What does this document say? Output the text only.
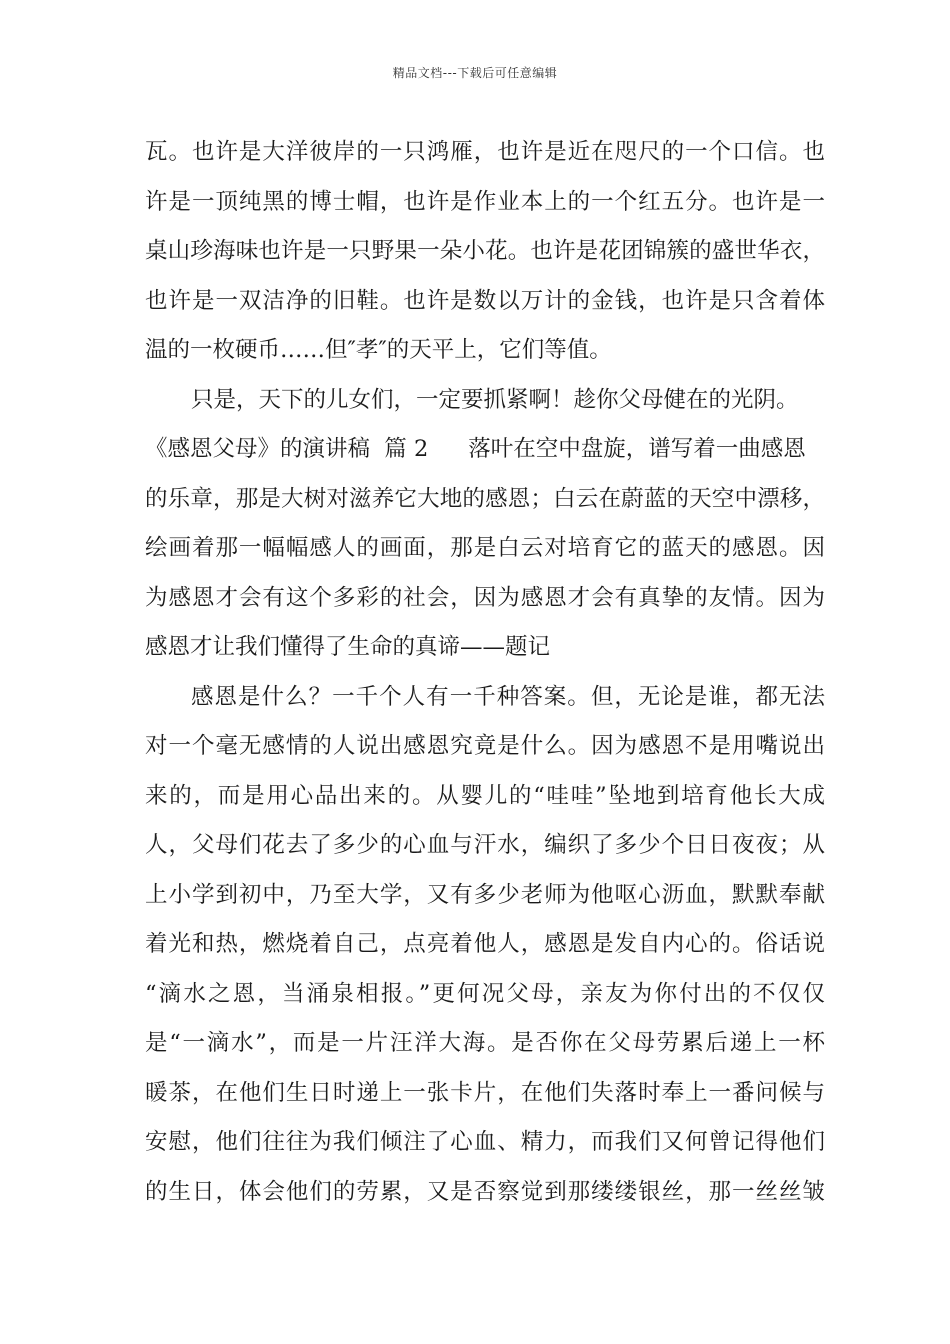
精品文档---下载后可任意编辑
瓦。也许是大洋彼岸的一只鸿雁，也许是近在咫尺的一个口信。也
许是一顶纯黑的博士帽，也许是作业本上的一个红五分。也许是一
桌山珍海味也许是一只野果一朵小花。也许是花团锦簇的盛世华衣，
也许是一双洁净的旧鞋。也许是数以万计的金钱，也许是只含着体
温的一枚硬币……但″孝″的天平上，它们等值。
只是，天下的儿女们，一定要抓紧啊！趁你父母健在的光阴。
《感恩父母》的演讲稿  篇 2 落叶在空中盘旋，谱写着一曲感恩
的乐章，那是大树对滋养它大地的感恩；白云在蔚蓝的天空中漂移，
绘画着那一幅幅感人的画面，那是白云对培育它的蓝天的感恩。因
为感恩才会有这个多彩的社会，因为感恩才会有真挚的友情。因为
感恩才让我们懂得了生命的真谛——题记
感恩是什么？一千个人有一千种答案。但，无论是谁，都无法
对一个毫无感情的人说出感恩究竟是什么。因为感恩不是用嘴说出
来的，而是用心品出来的。从婴儿的“哇哇”坠地到培育他长大成
人，父母们花去了多少的心血与汗水，编织了多少个日日夜夜；从
上小学到初中，乃至大学，又有多少老师为他呕心沥血，默默奉献
着光和热，燃烧着自己，点亮着他人，感恩是发自内心的。俗话说
“滴水之恩，当涌泉相报。”更何况父母，亲友为你付出的不仅仅
是“一滴水”，而是一片汪洋大海。是否你在父母劳累后递上一杯
暖茶，在他们生日时递上一张卡片，在他们失落时奉上一番问候与
安慰，他们往往为我们倾注了心血、精力，而我们又何曾记得他们
的生日，体会他们的劳累，又是否察觉到那缕缕银丝，那一丝丝皱
